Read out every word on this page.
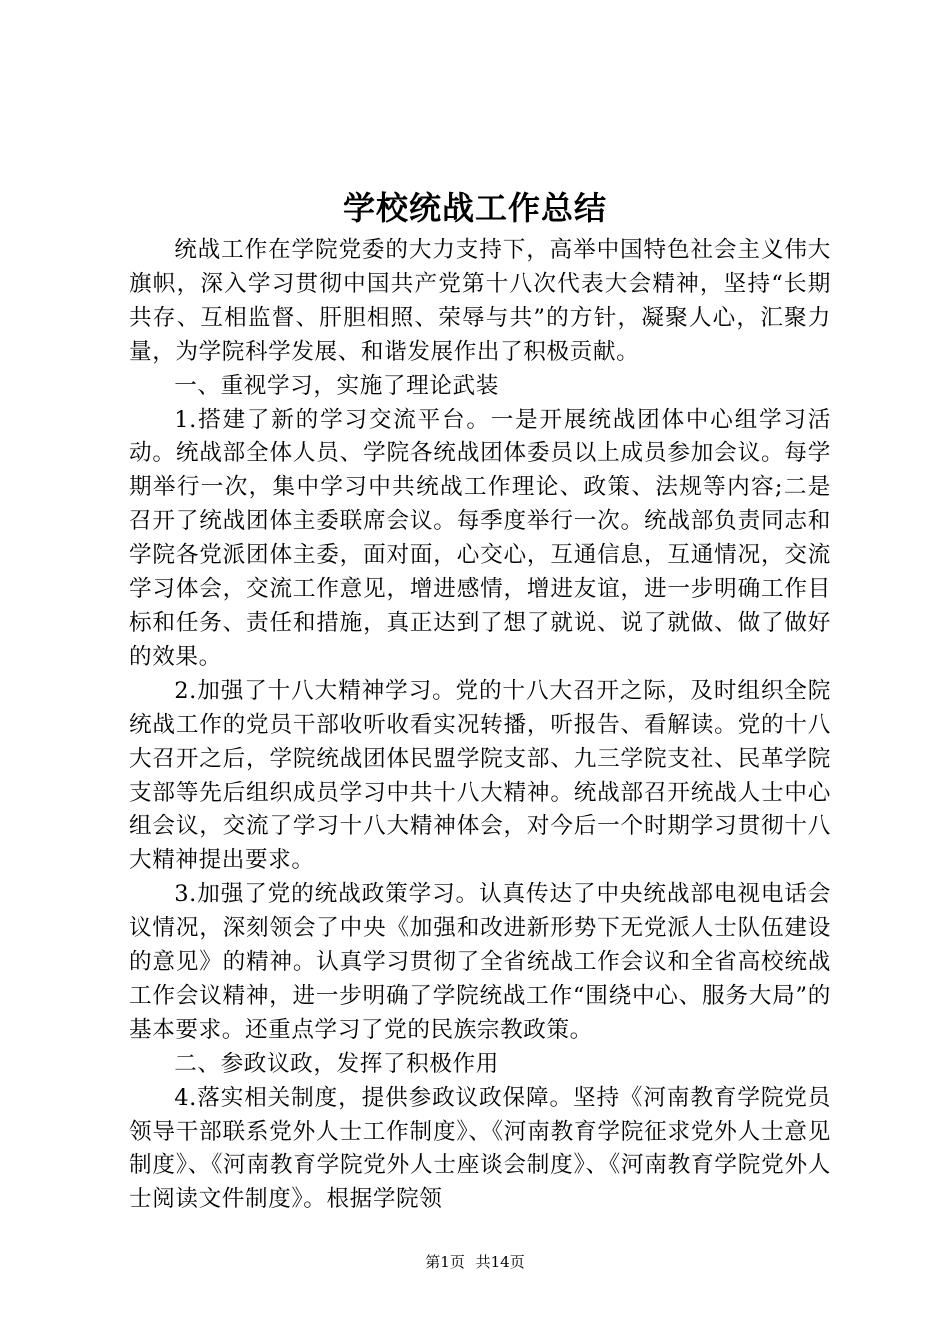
学校统战工作总结

统战工作在学院党委的大力支持下，高举中国特色社会主义伟大旗帜，深入学习贯彻中国共产党第十八次代表大会精神，坚持“长期共存、互相监督、肝胆相照、荣辱与共”的方针，凝聚人心，汇聚力量，为学院科学发展、和谐发展作出了积极贡献。

一、重视学习，实施了理论武装

1.搭建了新的学习交流平台。一是开展统战团体中心组学习活动。统战部全体人员、学院各统战团体委员以上成员参加会议。每学期举行一次，集中学习中共统战工作理论、政策、法规等内容;二是召开了统战团体主委联席会议。每季度举行一次。统战部负责同志和学院各党派团体主委，面对面，心交心，互通信息，互通情况，交流学习体会，交流工作意见，增进感情，增进友谊，进一步明确工作目标和任务、责任和措施，真正达到了想了就说、说了就做、做了做好的效果。

2.加强了十八大精神学习。党的十八大召开之际，及时组织全院统战工作的党员干部收听收看实况转播，听报告、看解读。党的十八大召开之后，学院统战团体民盟学院支部、九三学院支社、民革学院支部等先后组织成员学习中共十八大精神。统战部召开统战人士中心组会议，交流了学习十八大精神体会，对今后一个时期学习贯彻十八大精神提出要求。

3.加强了党的统战政策学习。认真传达了中央统战部电视电话会议情况，深刻领会了中央《加强和改进新形势下无党派人士队伍建设的意见》的精神。认真学习贯彻了全省统战工作会议和全省高校统战工作会议精神，进一步明确了学院统战工作“围绕中心、服务大局”的基本要求。还重点学习了党的民族宗教政策。

二、参政议政，发挥了积极作用

4.落实相关制度，提供参政议政保障。坚持《河南教育学院党员领导干部联系党外人士工作制度》、《河南教育学院征求党外人士意见制度》、《河南教育学院党外人士座谈会制度》、《河南教育学院党外人士阅读文件制度》。根据学院领

第1页 共14页
